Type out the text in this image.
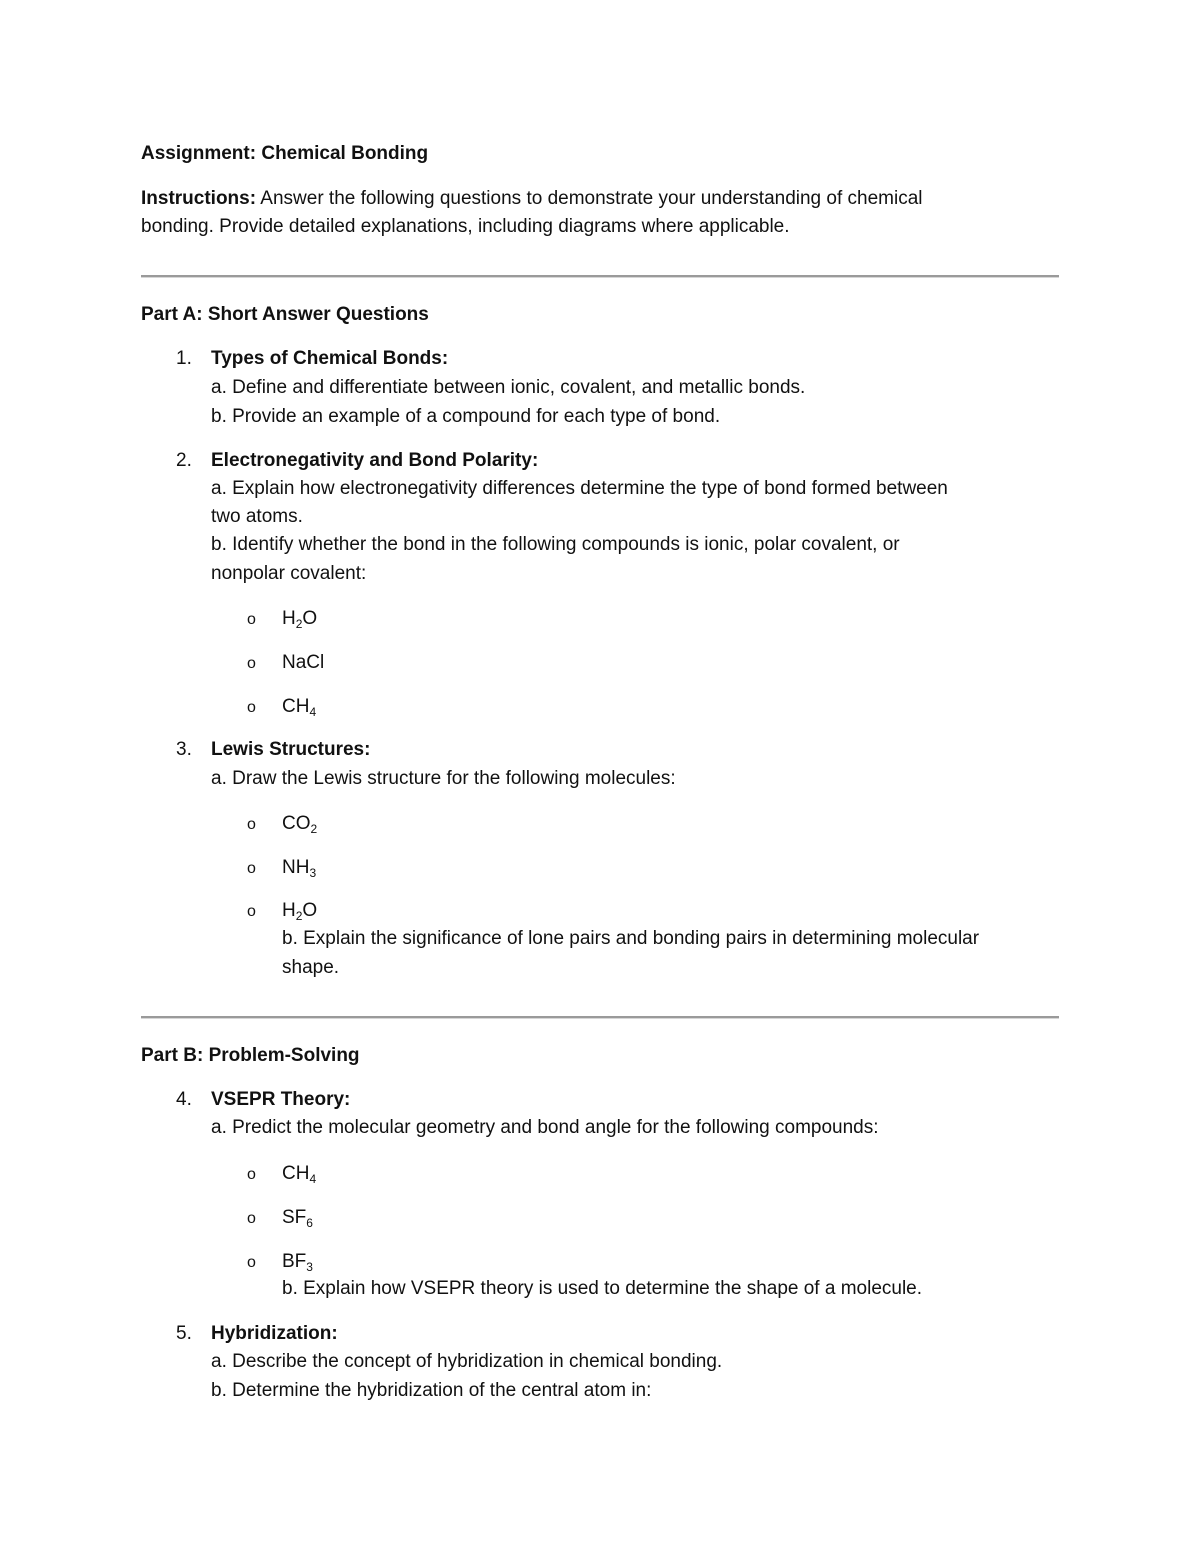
Assignment: Chemical Bonding
Instructions: Answer the following questions to demonstrate your understanding of chemical
bonding. Provide detailed explanations, including diagrams where applicable.
Part A: Short Answer Questions
1. Types of Chemical Bonds:
a. Define and differentiate between ionic, covalent, and metallic bonds.
b. Provide an example of a compound for each type of bond.
2. Electronegativity and Bond Polarity:
a. Explain how electronegativity differences determine the type of bond formed between
two atoms.
b. Identify whether the bond in the following compounds is ionic, polar covalent, or
nonpolar covalent:
o $H_2O$
o NaCl
o $CH_4$
3. Lewis Structures:
a. Draw the Lewis structure for the following molecules:
o $CO_2$
o $NH_3$
o $H_2O$
b. Explain the significance of lone pairs and bonding pairs in determining molecular
shape.
Part B: Problem-Solving
4. VSEPR Theory:
a. Predict the molecular geometry and bond angle for the following compounds:
o $CH_4$
o $SF_6$
o $BF_3$
b. Explain how VSEPR theory is used to determine the shape of a molecule.
5. Hybridization:
a. Describe the concept of hybridization in chemical bonding.
b. Determine the hybridization of the central atom in:
